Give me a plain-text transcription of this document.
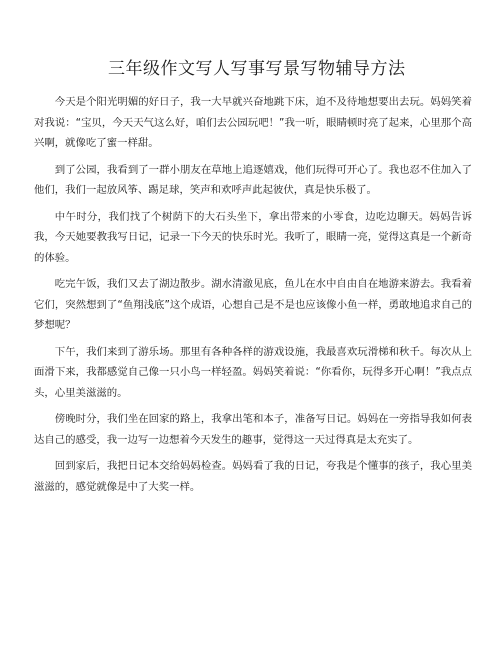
三年级作文写人写事写景写物辅导方法

今天是个阳光明媚的好日子，我一大早就兴奋地跳下床，迫不及待地想要出去玩。妈妈笑着对我说：“宝贝，今天天气这么好，咱们去公园玩吧！”我一听，眼睛顿时亮了起来，心里那个高兴啊，就像吃了蜜一样甜。

到了公园，我看到了一群小朋友在草地上追逐嬉戏，他们玩得可开心了。我也忍不住加入了他们，我们一起放风筝、踢足球，笑声和欢呼声此起彼伏，真是快乐极了。

中午时分，我们找了个树荫下的大石头坐下，拿出带来的小零食，边吃边聊天。妈妈告诉我，今天她要教我写日记，记录一下今天的快乐时光。我听了，眼睛一亮，觉得这真是一个新奇的体验。

吃完午饭，我们又去了湖边散步。湖水清澈见底，鱼儿在水中自由自在地游来游去。我看着它们，突然想到了“鱼翔浅底”这个成语，心想自己是不是也应该像小鱼一样，勇敢地追求自己的梦想呢？

下午，我们来到了游乐场。那里有各种各样的游戏设施，我最喜欢玩滑梯和秋千。每次从上面滑下来，我都感觉自己像一只小鸟一样轻盈。妈妈笑着说：“你看你，玩得多开心啊！”我点点头，心里美滋滋的。

傍晚时分，我们坐在回家的路上，我拿出笔和本子，准备写日记。妈妈在一旁指导我如何表达自己的感受，我一边写一边想着今天发生的趣事，觉得这一天过得真是太充实了。

回到家后，我把日记本交给妈妈检查。妈妈看了我的日记，夸我是个懂事的孩子，我心里美滋滋的，感觉就像是中了大奖一样。
